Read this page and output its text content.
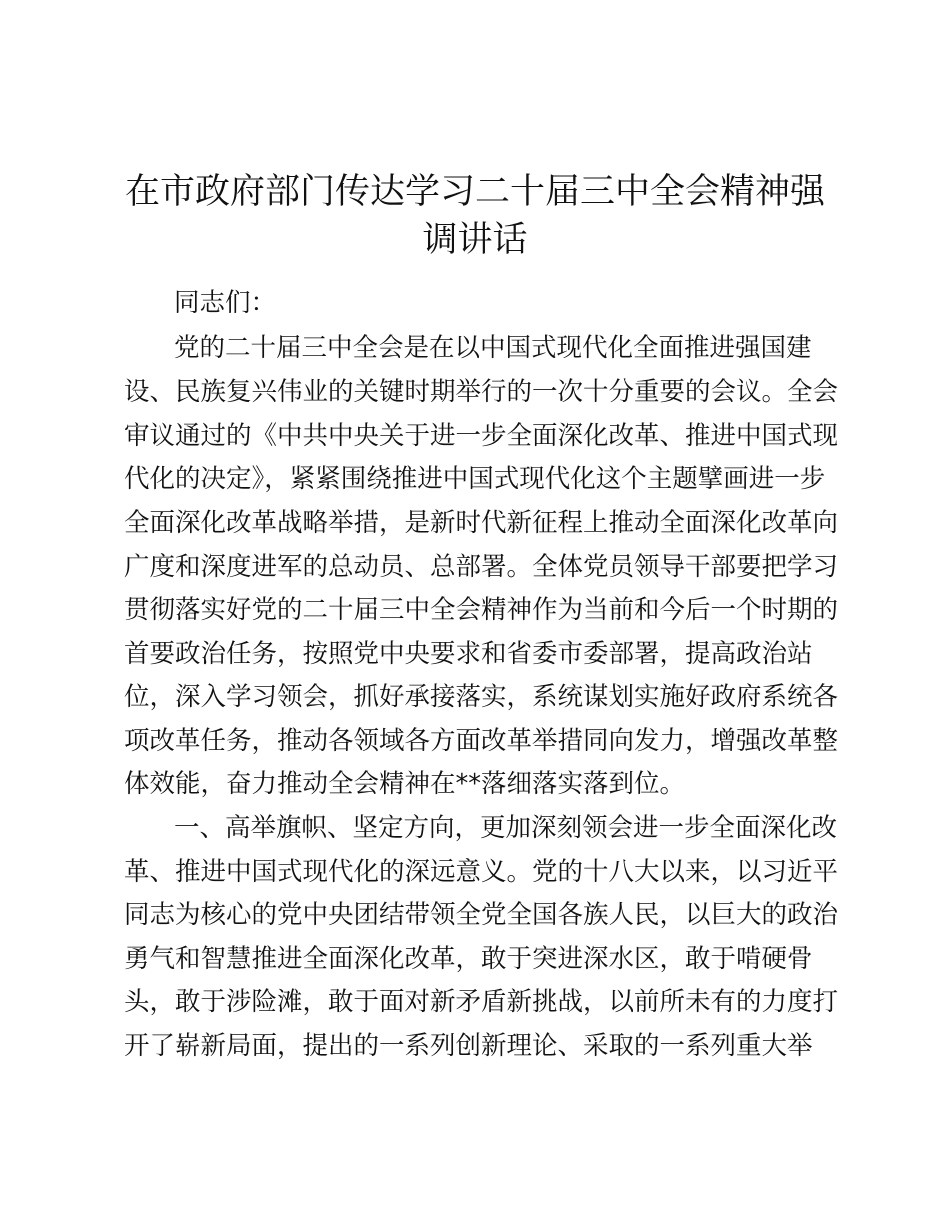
在市政府部门传达学习二十届三中全会精神强
调讲话

同志们：

党的二十届三中全会是在以中国式现代化全面推进强国建

设、民族复兴伟业的关键时期举行的一次十分重要的会议。全会

审议通过的《中共中央关于进一步全面深化改革、推进中国式现

代化的决定》，紧紧围绕推进中国式现代化这个主题擘画进一步

全面深化改革战略举措，是新时代新征程上推动全面深化改革向

广度和深度进军的总动员、总部署。全体党员领导干部要把学习

贯彻落实好党的二十届三中全会精神作为当前和今后一个时期的

首要政治任务，按照党中央要求和省委市委部署，提高政治站

位，深入学习领会，抓好承接落实，系统谋划实施好政府系统各

项改革任务，推动各领域各方面改革举措同向发力，增强改革整

体效能，奋力推动全会精神在**落细落实落到位。

一、高举旗帜、坚定方向，更加深刻领会进一步全面深化改

革、推进中国式现代化的深远意义。党的十八大以来，以习近平

同志为核心的党中央团结带领全党全国各族人民，以巨大的政治

勇气和智慧推进全面深化改革，敢于突进深水区，敢于啃硬骨

头，敢于涉险滩，敢于面对新矛盾新挑战，以前所未有的力度打

开了崭新局面，提出的一系列创新理论、采取的一系列重大举
